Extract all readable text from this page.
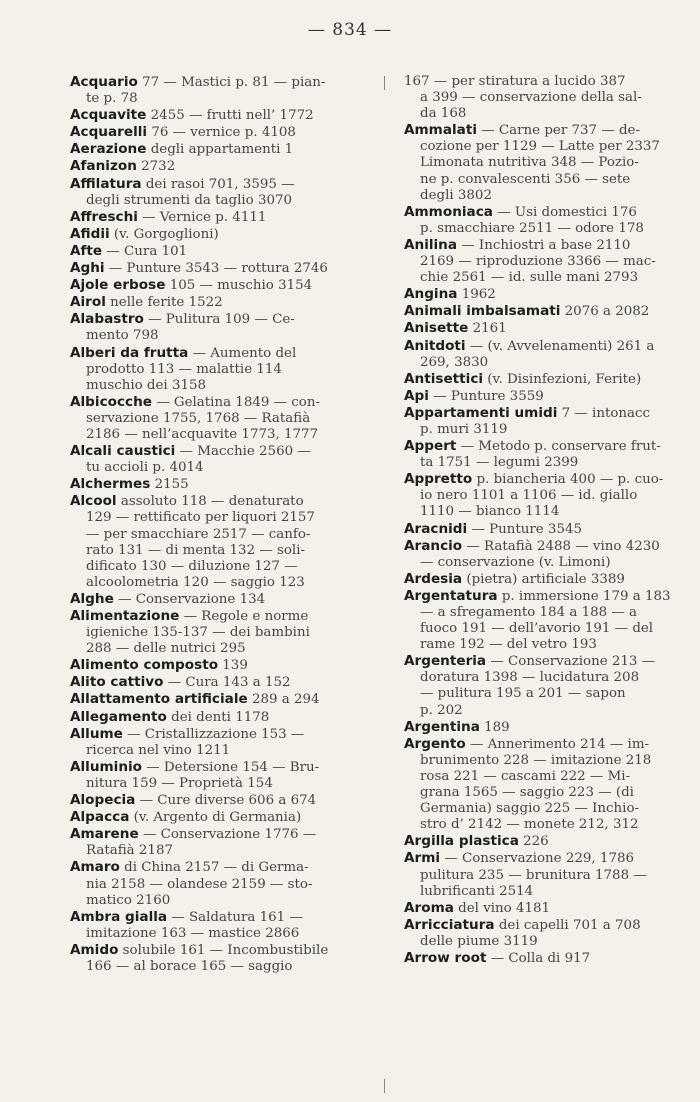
— 834 —

Acquario 77 — Mastici p. 81 — pian-
te p. 78

Acquavite 2455 — frutti nell’ 1772

Acquarelli 76 — vernice p. 4108

Aerazione degli appartamenti 1

Afanizon 2732

Affilatura dei rasoi 701, 3595 —
degli strumenti da taglio 3070

Affreschi — Vernice p. 4111

Afidii (v. Gorgoglioni)

Afte — Cura 101

Aghi — Punture 3543 — rottura 2746

Ajole erbose 105 — muschio 3154

Airol nelle ferite 1522

Alabastro — Pulitura 109 — Ce-
mento 798

Alberi da frutta — Aumento del
prodotto 113 — malattie 114
muschio dei 3158

Albicocche — Gelatina 1849 — con-
servazione 1755, 1768 — Ratafià
2186 — nell’acquavite 1773, 1777

Alcali caustici — Macchie 2560 —
tu accioli p. 4014

Alchermes 2155

Alcool assoluto 118 — denaturato
129 — rettificato per liquori 2157
— per smacchiare 2517 — canfo-
rato 131 — di menta 132 — soli-
dificato 130 — diluzione 127 —
alcoolometria 120 — saggio 123

Alghe — Conservazione 134

Alimentazione — Regole e norme
igieniche 135-137 — dei bambini
288 — delle nutrici 295

Alimento composto 139

Alito cattivo — Cura 143 a 152

Allattamento artificiale 289 a 294

Allegamento dei denti 1178

Allume — Cristallizzazione 153 —
ricerca nel vino 1211

Alluminio — Detersione 154 — Bru-
nitura 159 — Proprietà 154

Alopecia — Cure diverse 606 a 674

Alpacca (v. Argento di Germania)

Amarene — Conservazione 1776 —
Ratafià 2187

Amaro di China 2157 — di Germa-
nia 2158 — olandese 2159 — sto-
matico 2160

Ambra gialla — Saldatura 161 —
imitazione 163 — mastice 2866

Amido solubile 161 — Incombustibile
166 — al borace 165 — saggio

167 — per stiratura a lucido 387
a 399 — conservazione della sal-
da 168

Ammalati — Carne per 737 — de-
cozione per 1129 — Latte per 2337
Limonata nutritiva 348 — Pozio-
ne p. convalescenti 356 — sete
degli 3802

Ammoniaca — Usi domestici 176
p. smacchiare 2511 — odore 178

Anilina — Inchiostri a base 2110
2169 — riproduzione 3366 — mac-
chie 2561 — id. sulle mani 2793

Angina 1962

Animali imbalsamati 2076 a 2082

Anisette 2161

Anitdoti — (v. Avvelenamenti) 261 a
269, 3830

Antisettici (v. Disinfezioni, Ferite)

Api — Punture 3559

Appartamenti umidi 7 — intonacc
p. muri 3119

Appert — Metodo p. conservare frut-
ta 1751 — legumi 2399

Appretto p. biancheria 400 — p. cuo-
io nero 1101 a 1106 — id. giallo
1110 — bianco 1114

Aracnidi — Punture 3545

Arancio — Ratafià 2488 — vino 4230
— conservazione (v. Limoni)

Ardesia (pietra) artificiale 3389

Argentatura p. immersione 179 a 183
— a sfregamento 184 a 188 — a
fuoco 191 — dell’avorio 191 — del
rame 192 — del vetro 193

Argenteria — Conservazione 213 —
doratura 1398 — lucidatura 208
— pulitura 195 a 201 — sapon
p. 202

Argentina 189

Argento — Annerimento 214 — im-
brunimento 228 — imitazione 218
rosa 221 — cascami 222 — Mi-
grana 1565 — saggio 223 — (di
Germania) saggio 225 — Inchio-
stro d’ 2142 — monete 212, 312

Argilla plastica 226

Armi — Conservazione 229, 1786
pulitura 235 — brunitura 1788 —
lubrificanti 2514

Aroma del vino 4181

Arricciatura dei capelli 701 a 708
delle piume 3119

Arrow root — Colla di 917
